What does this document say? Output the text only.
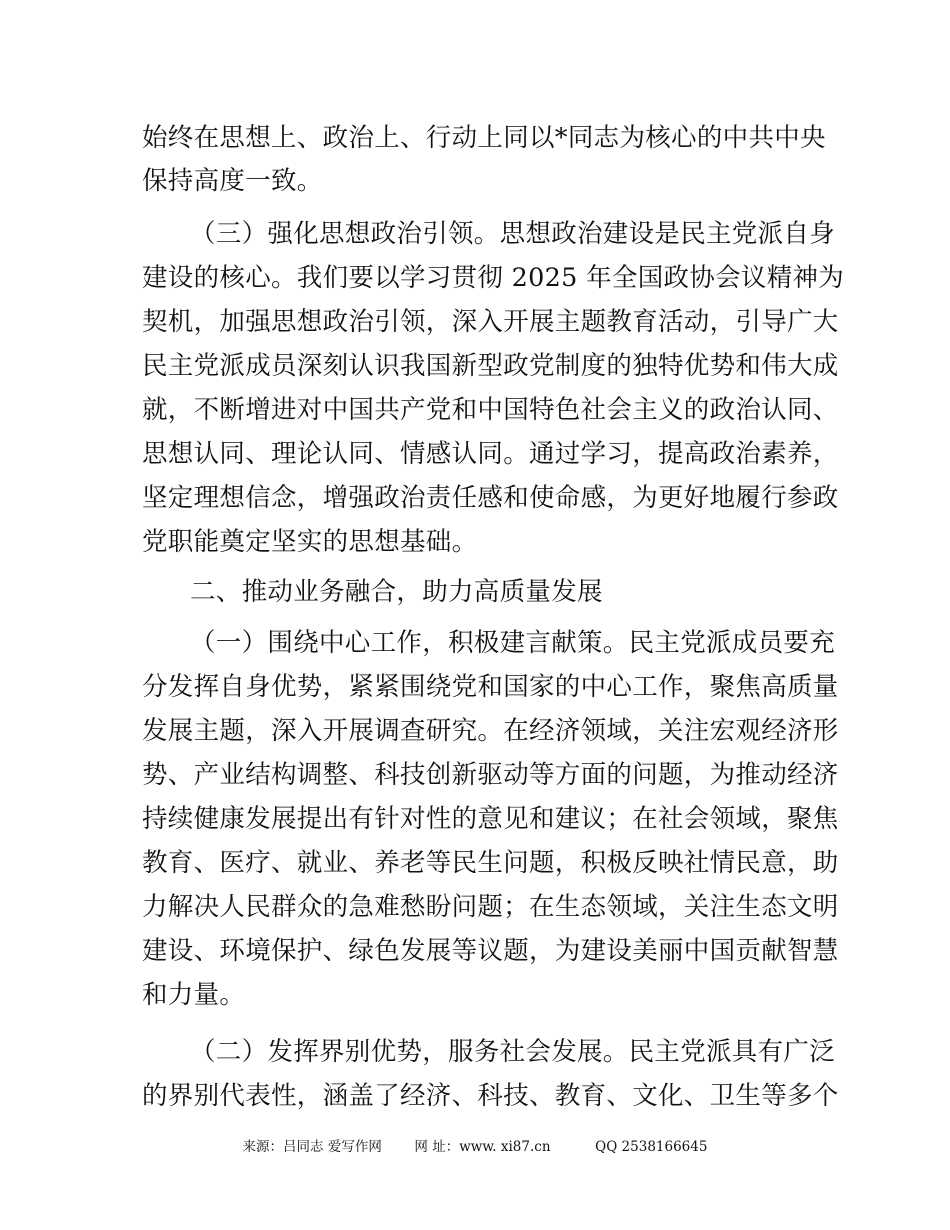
始终在思想上、政治上、行动上同以*同志为核心的中共中央
保持高度一致。
（三）强化思想政治引领。思想政治建设是民主党派自身
建设的核心。我们要以学习贯彻 2025 年全国政协会议精神为
契机，加强思想政治引领，深入开展主题教育活动，引导广大
民主党派成员深刻认识我国新型政党制度的独特优势和伟大成
就，不断增进对中国共产党和中国特色社会主义的政治认同、
思想认同、理论认同、情感认同。通过学习，提高政治素养，
坚定理想信念，增强政治责任感和使命感，为更好地履行参政
党职能奠定坚实的思想基础。
二、推动业务融合，助力高质量发展
（一）围绕中心工作，积极建言献策。民主党派成员要充
分发挥自身优势，紧紧围绕党和国家的中心工作，聚焦高质量
发展主题，深入开展调查研究。在经济领域，关注宏观经济形
势、产业结构调整、科技创新驱动等方面的问题，为推动经济
持续健康发展提出有针对性的意见和建议；在社会领域，聚焦
教育、医疗、就业、养老等民生问题，积极反映社情民意，助
力解决人民群众的急难愁盼问题；在生态领域，关注生态文明
建设、环境保护、绿色发展等议题，为建设美丽中国贡献智慧
和力量。
（二）发挥界别优势，服务社会发展。民主党派具有广泛
的界别代表性，涵盖了经济、科技、教育、文化、卫生等多个
来源：吕同志 爱写作网 网 址：www. xi87.cn	QQ 2538166645
